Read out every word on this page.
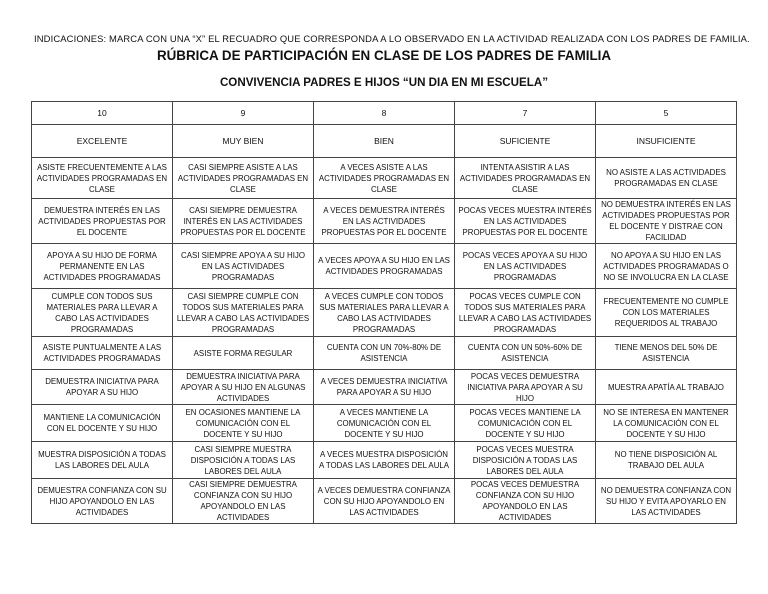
INDICACIONES: MARCA CON UNA “X” EL RECUADRO QUE CORRESPONDA A LO OBSERVADO EN LA ACTIVIDAD REALIZADA CON LOS PADRES DE FAMILIA.
RÚBRICA DE PARTICIPACIÓN EN CLASE DE LOS PADRES DE FAMILIA
CONVIVENCIA PADRES E HIJOS “UN DIA EN MI ESCUELA”
10	9	8	7	5
EXCELENTE	MUY BIEN	BIEN	SUFICIENTE	INSUFICIENTE
ASISTE FRECUENTEMENTE A LAS ACTIVIDADES PROGRAMADAS EN CLASE	CASI SIEMPRE ASISTE A LAS ACTIVIDADES PROGRAMADAS EN CLASE	A VECES ASISTE A LAS ACTIVIDADES PROGRAMADAS EN CLASE	INTENTA ASISTIR A LAS ACTIVIDADES PROGRAMADAS EN CLASE	NO ASISTE A LAS ACTIVIDADES PROGRAMADAS EN CLASE
DEMUESTRA INTERÉS EN LAS ACTIVIDADES PROPUESTAS POR EL DOCENTE	CASI SIEMPRE DEMUESTRA INTERÉS EN LAS ACTIVIDADES PROPUESTAS POR EL DOCENTE	A VECES DEMUESTRA INTERÉS EN LAS ACTIVIDADES PROPUESTAS POR EL DOCENTE	POCAS VECES MUESTRA INTERÉS EN LAS ACTIVIDADES PROPUESTAS POR EL DOCENTE	NO DEMUESTRA INTERÉS EN LAS ACTIVIDADES PROPUESTAS POR EL DOCENTE Y DISTRAE CON FACILIDAD
APOYA A SU HIJO DE FORMA PERMANENTE EN LAS ACTIVIDADES PROGRAMADAS	CASI SIEMPRE APOYA A SU HIJO EN LAS ACTIVIDADES PROGRAMADAS	A VECES APOYA A SU HIJO EN LAS ACTIVIDADES PROGRAMADAS	POCAS VECES APOYA A SU HIJO EN LAS ACTIVIDADES PROGRAMADAS	NO APOYA A SU HIJO EN LAS ACTIVIDADES PROGRAMADAS O NO SE INVOLUCRA EN LA CLASE
CUMPLE CON TODOS SUS MATERIALES PARA LLEVAR A CABO LAS ACTIVIDADES PROGRAMADAS	CASI SIEMPRE CUMPLE CON TODOS SUS MATERIALES PARA LLEVAR A CABO LAS ACTIVIDADES PROGRAMADAS	A VECES CUMPLE CON TODOS SUS MATERIALES PARA LLEVAR A CABO LAS ACTIVIDADES PROGRAMADAS	POCAS VECES CUMPLE CON TODOS SUS MATERIALES PARA LLEVAR A CABO LAS ACTIVIDADES PROGRAMADAS	FRECUENTEMENTE NO CUMPLE CON LOS MATERIALES REQUERIDOS AL TRABAJO
ASISTE PUNTUALMENTE A LAS ACTIVIDADES PROGRAMADAS	ASISTE FORMA REGULAR	CUENTA CON UN 70%-80% DE ASISTENCIA	CUENTA CON UN 50%-60% DE ASISTENCIA	TIENE MENOS DEL 50% DE ASISTENCIA
DEMUESTRA INICIATIVA PARA APOYAR A SU HIJO	DEMUESTRA INICIATIVA PARA APOYAR A SU HIJO EN ALGUNAS ACTIVIDADES	A VECES DEMUESTRA INICIATIVA PARA APOYAR A SU HIJO	POCAS VECES DEMUESTRA INICIATIVA PARA APOYAR A SU HIJO	MUESTRA APATÍA AL TRABAJO
MANTIENE LA COMUNICACIÓN CON EL DOCENTE Y SU HIJO	EN OCASIONES MANTIENE LA COMUNICACIÓN CON EL DOCENTE Y SU HIJO	A VECES MANTIENE LA COMUNICACIÓN CON EL DOCENTE Y SU HIJO	POCAS VECES MANTIENE LA COMUNICACIÓN CON EL DOCENTE Y SU HIJO	NO SE INTERESA EN MANTENER LA COMUNICACIÓN CON EL DOCENTE Y SU HIJO
MUESTRA DISPOSICIÓN A TODAS LAS LABORES DEL AULA	CASI SIEMPRE MUESTRA DISPOSICIÓN A TODAS LAS LABORES DEL AULA	A VECES MUESTRA DISPOSICIÓN A TODAS LAS LABORES DEL AULA	POCAS VECES MUESTRA DISPOSICIÓN A TODAS LAS LABORES DEL AULA	NO TIENE DISPOSICIÓN AL TRABAJO DEL AULA
DEMUESTRA CONFIANZA CON SU HIJO APOYANDOLO EN LAS ACTIVIDADES	CASI SIEMPRE DEMUESTRA CONFIANZA CON SU HIJO APOYANDOLO EN LAS ACTIVIDADES	A VECES DEMUESTRA CONFIANZA CON SU HIJO APOYANDOLO EN LAS ACTIVIDADES	POCAS VECES DEMUESTRA CONFIANZA CON SU HIJO APOYANDOLO EN LAS ACTIVIDADES	NO DEMUESTRA CONFIANZA CON SU HIJO Y EVITA APOYARLO EN LAS ACTIVIDADES
